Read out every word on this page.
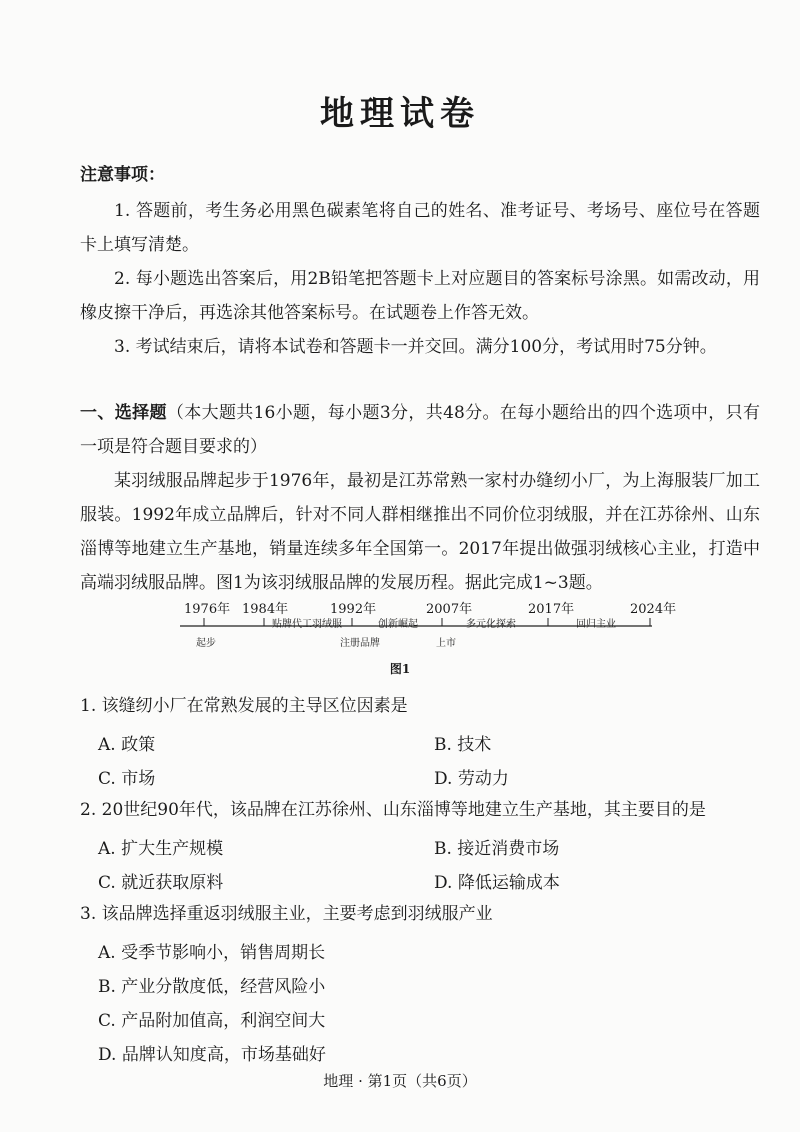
地理试卷
注意事项：
1. 答题前，考生务必用黑色碳素笔将自己的姓名、准考证号、考场号、座位号在答题卡上填写清楚。
2. 每小题选出答案后，用2B铅笔把答题卡上对应题目的答案标号涂黑。如需改动，用橡皮擦干净后，再选涂其他答案标号。在试题卷上作答无效。
3. 考试结束后，请将本试卷和答题卡一并交回。满分100分，考试用时75分钟。
一、选择题（本大题共16小题，每小题3分，共48分。在每小题给出的四个选项中，只有一项是符合题目要求的）
某羽绒服品牌起步于1976年，最初是江苏常熟一家村办缝纫小厂，为上海服装厂加工服装。1992年成立品牌后，针对不同人群相继推出不同价位羽绒服，并在江苏徐州、山东淄博等地建立生产基地，销量连续多年全国第一。2017年提出做强羽绒核心主业，打造中高端羽绒服品牌。图1为该羽绒服品牌的发展历程。据此完成1~3题。
1976年 1984年	1992年	2007年	2017年	2024年
贴牌代工羽绒服	创新崛起	多元化探索	回归主业
起步	注册品牌	上市
图1
1. 该缝纫小厂在常熟发展的主导区位因素是
A. 政策	B. 技术
C. 市场	D. 劳动力
2. 20世纪90年代，该品牌在江苏徐州、山东淄博等地建立生产基地，其主要目的是
A. 扩大生产规模	B. 接近消费市场
C. 就近获取原料	D. 降低运输成本
3. 该品牌选择重返羽绒服主业，主要考虑到羽绒服产业
A. 受季节影响小，销售周期长
B. 产业分散度低，经营风险小
C. 产品附加值高，利润空间大
D. 品牌认知度高，市场基础好
地理 · 第1页（共6页）
